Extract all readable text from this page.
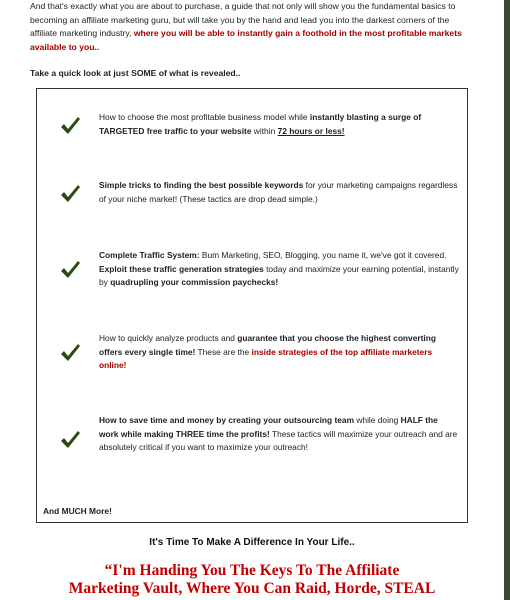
And that's exactly what you are about to purchase, a guide that not only will show you the fundamental basics to becoming an affiliate marketing guru, but will take you by the hand and lead you into the darkest corners of the affiliate marketing industry, where you will be able to instantly gain a foothold in the most profitable markets available to you..
Take a quick look at just SOME of what is revealed..
How to choose the most profitable business model while instantly blasting a surge of TARGETED free traffic to your website within 72 hours or less!
Simple tricks to finding the best possible keywords for your marketing campaigns regardless of your niche market! (These tactics are drop dead simple.)
Complete Traffic System: Bum Marketing, SEO, Blogging, you name it, we've got it covered. Exploit these traffic generation strategies today and maximize your earning potential, instantly by quadrupling your commission paychecks!
How to quickly analyze products and guarantee that you choose the highest converting offers every single time! These are the inside strategies of the top affiliate marketers online!
How to save time and money by creating your outsourcing team while doing HALF the work while making THREE time the profits! These tactics will maximize your outreach and are absolutely critical if you want to maximize your outreach!
And MUCH More!
It's Time To Make A Difference In Your Life..
“I'm Handing You The Keys To The Affiliate
Marketing Vault, Where You Can Raid, Horde, STEAL
